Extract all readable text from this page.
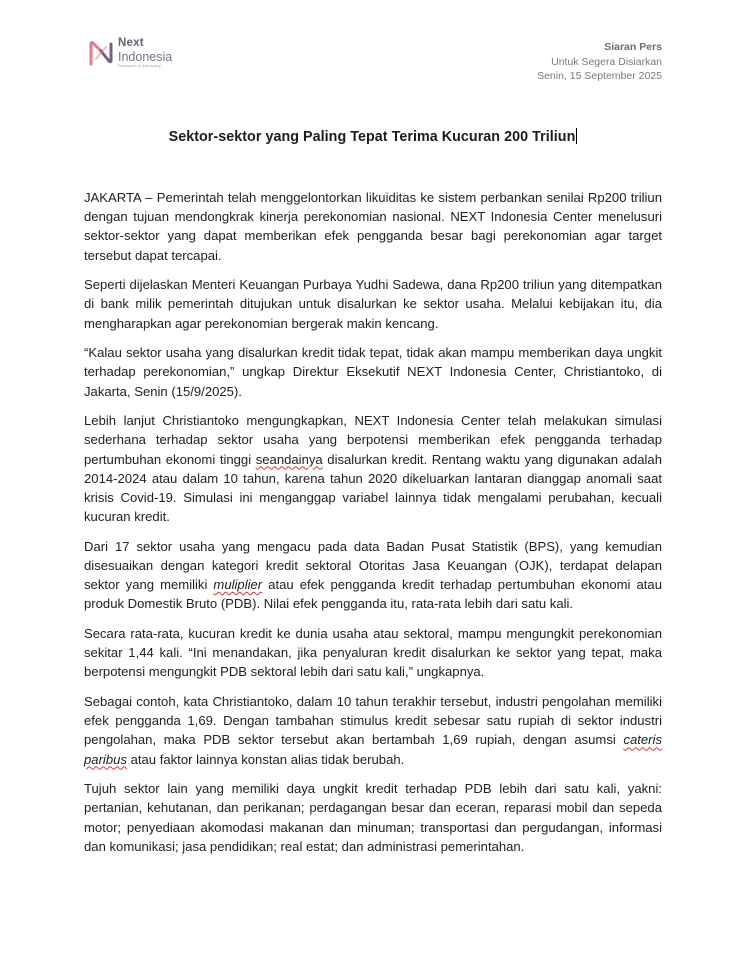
Next
Indonesia
Research & Advocacy
Siaran Pers
Untuk Segera Disiarkan
Senin, 15 September 2025
Sektor-sektor yang Paling Tepat Terima Kucuran 200 Triliun

JAKARTA – Pemerintah telah menggelontorkan likuiditas ke sistem perbankan senilai Rp200 triliun dengan tujuan mendongkrak kinerja perekonomian nasional. NEXT Indonesia Center menelusuri sektor-sektor yang dapat memberikan efek pengganda besar bagi perekonomian agar target tersebut dapat tercapai.

Seperti dijelaskan Menteri Keuangan Purbaya Yudhi Sadewa, dana Rp200 triliun yang ditempatkan di bank milik pemerintah ditujukan untuk disalurkan ke sektor usaha. Melalui kebijakan itu, dia mengharapkan agar perekonomian bergerak makin kencang.

“Kalau sektor usaha yang disalurkan kredit tidak tepat, tidak akan mampu memberikan daya ungkit terhadap perekonomian,” ungkap Direktur Eksekutif NEXT Indonesia Center, Christiantoko, di Jakarta, Senin (15/9/2025).

Lebih lanjut Christiantoko mengungkapkan, NEXT Indonesia Center telah melakukan simulasi sederhana terhadap sektor usaha yang berpotensi memberikan efek pengganda terhadap pertumbuhan ekonomi tinggi seandainya disalurkan kredit. Rentang waktu yang digunakan adalah 2014-2024 atau dalam 10 tahun, karena tahun 2020 dikeluarkan lantaran dianggap anomali saat krisis Covid-19. Simulasi ini menganggap variabel lainnya tidak mengalami perubahan, kecuali kucuran kredit.

Dari 17 sektor usaha yang mengacu pada data Badan Pusat Statistik (BPS), yang kemudian disesuaikan dengan kategori kredit sektoral Otoritas Jasa Keuangan (OJK), terdapat delapan sektor yang memiliki muliplier atau efek pengganda kredit terhadap pertumbuhan ekonomi atau produk Domestik Bruto (PDB). Nilai efek pengganda itu, rata-rata lebih dari satu kali.

Secara rata-rata, kucuran kredit ke dunia usaha atau sektoral, mampu mengungkit perekonomian sekitar 1,44 kali. “Ini menandakan, jika penyaluran kredit disalurkan ke sektor yang tepat, maka berpotensi mengungkit PDB sektoral lebih dari satu kali,” ungkapnya.

Sebagai contoh, kata Christiantoko, dalam 10 tahun terakhir tersebut, industri pengolahan memiliki efek pengganda 1,69. Dengan tambahan stimulus kredit sebesar satu rupiah di sektor industri pengolahan, maka PDB sektor tersebut akan bertambah 1,69 rupiah, dengan asumsi cateris paribus atau faktor lainnya konstan alias tidak berubah.

Tujuh sektor lain yang memiliki daya ungkit kredit terhadap PDB lebih dari satu kali, yakni: pertanian, kehutanan, dan perikanan; perdagangan besar dan eceran, reparasi mobil dan sepeda motor; penyediaan akomodasi makanan dan minuman; transportasi dan pergudangan, informasi dan komunikasi; jasa pendidikan; real estat; dan administrasi pemerintahan.
